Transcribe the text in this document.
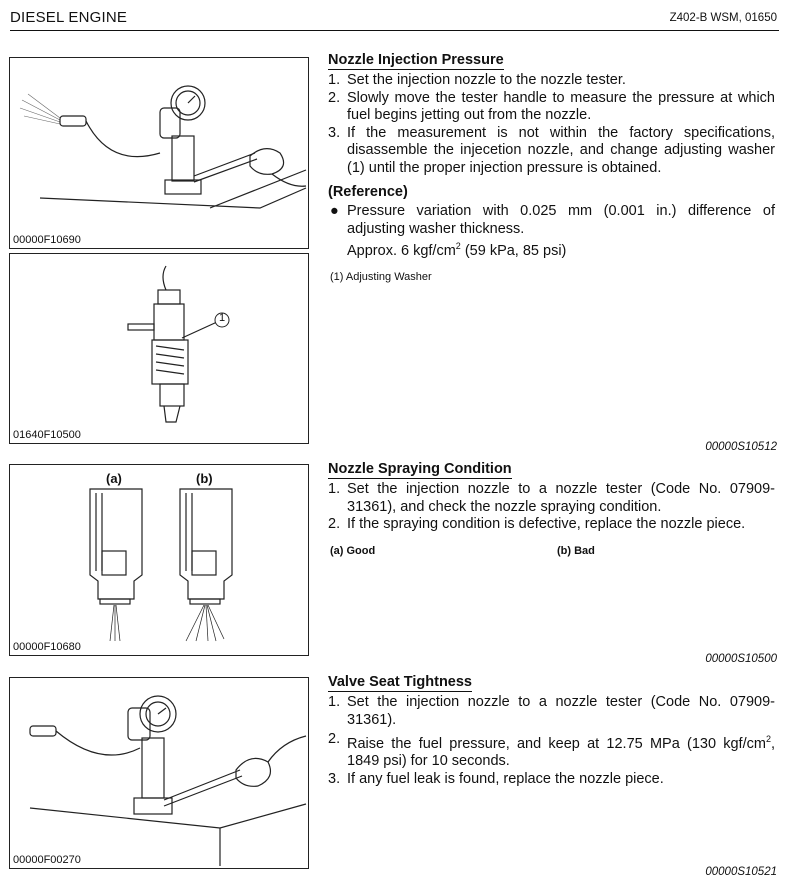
DIESEL ENGINE	Z402-B WSM, 01650
00000F10690
1
01640F10500
(a)	(b)
00000F10680
00000F00270
Nozzle Injection Pressure
1. Set the injection nozzle to the nozzle tester.
2. Slowly move the tester handle to measure the pressure at which fuel begins jetting out from the nozzle.
3. If the measurement is not within the factory specifications, disassemble the injecetion nozzle, and change adjusting washer (1) until the proper injection pressure is obtained.
(Reference)
● Pressure variation with 0.025 mm (0.001 in.) difference of adjusting washer thickness.
Approx. 6 kgf/$cm^2$ (59 kPa, 85 psi)
(1) Adjusting Washer
00000S10512
Nozzle Spraying Condition
1. Set the injection nozzle to a nozzle tester (Code No. 07909-31361), and check the nozzle spraying condition.
2. If the spraying condition is defective, replace the nozzle piece.
(a) Good	(b) Bad
00000S10500
Valve Seat Tightness
1. Set the injection nozzle to a nozzle tester (Code No. 07909-31361).
2. Raise the fuel pressure, and keep at 12.75 MPa (130 kgf/$cm^2$, 1849 psi) for 10 seconds.
3. If any fuel leak is found, replace the nozzle piece.
00000S10521
